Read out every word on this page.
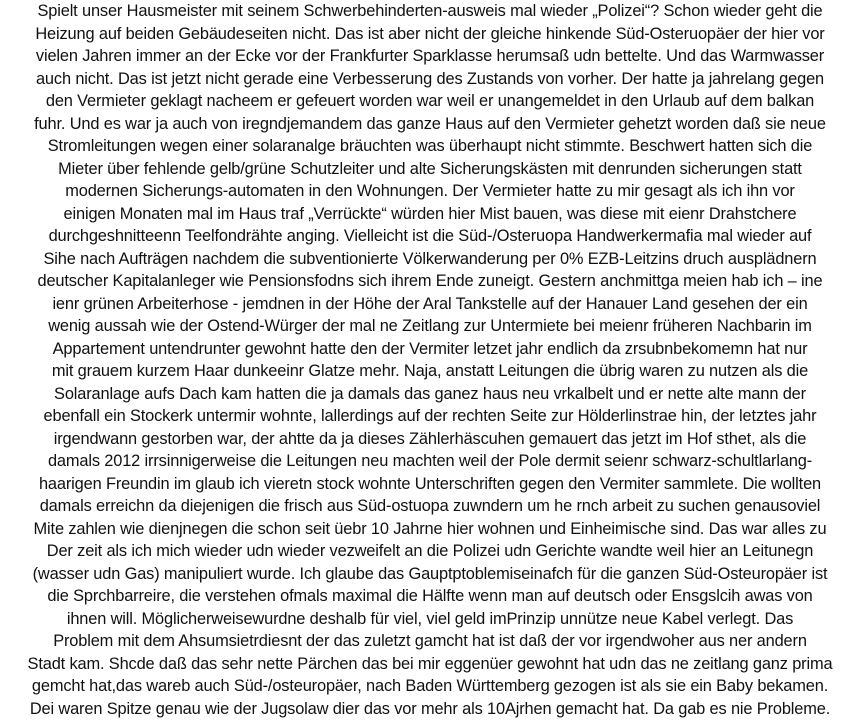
Spielt unser Hausmeister mit seinem Schwerbehinderten-ausweis mal wieder „Polizei“? Schon wieder geht die
Heizung auf beiden Gebäudeseiten nicht. Das ist aber nicht der gleiche hinkende Süd-Osteruopäer der hier vor
vielen Jahren immer an der Ecke vor der Frankfurter Sparklasse herumsaß udn bettelte. Und das Warmwasser
auch nicht. Das ist jetzt nicht gerade eine Verbesserung des Zustands von vorher. Der hatte ja jahrelang gegen
den Vermieter geklagt nacheem er gefeuert worden war weil er unangemeldet in den Urlaub auf dem balkan
fuhr. Und es war ja auch von iregndjemandem das ganze Haus auf den Vermieter gehetzt worden daß sie neue
Stromleitungen wegen einer solaranalge bräuchten was überhaupt nicht stimmte. Beschwert hatten sich die
Mieter über fehlende gelb/grüne Schutzleiter und alte Sicherungskästen mit denrunden sicherungen statt
modernen Sicherungs-automaten in den Wohnungen. Der Vermieter hatte zu mir gesagt als ich ihn vor
einigen Monaten mal im Haus traf „Verrückte“ würden hier Mist bauen, was diese mit eienr Drahstchere
durchgeshnitteenn Teelfondrähte anging. Vielleicht ist die Süd-/Osteruopa Handwerkermafia mal wieder auf
Sihe nach Aufträgen nachdem die subventionierte Völkerwanderung per 0% EZB-Leitzins druch ausplädnern
deutscher Kapitalanleger wie Pensionsfodns sich ihrem Ende zuneigt. Gestern anchmittga meien hab ich – ine
ienr grünen Arbeiterhose - jemdnen in der Höhe der Aral Tankstelle auf der Hanauer Land gesehen der ein
wenig aussah wie der Ostend-Würger der mal ne Zeitlang zur Untermiete bei meienr früheren Nachbarin im
Appartement untendrunter gewohnt hatte den der Vermiter letzet jahr endlich da zrsubnbekomemn hat nur
mit grauem kurzem Haar dunkeeinr Glatze mehr. Naja, anstatt Leitungen die übrig waren zu nutzen als die
Solaranlage aufs Dach kam hatten die ja damals das ganez haus neu vrkalbelt und er nette alte mann der
ebenfall ein Stockerk untermir wohnte, lallerdings auf der rechten Seite zur Hölderlinstrae hin, der letztes jahr
irgendwann gestorben war, der ahtte da ja dieses Zählerhäscuhen gemauert das jetzt im Hof sthet, als die
damals 2012 irrsinnigerweise die Leitungen neu machten weil der Pole dermit seienr schwarz-schultlarlang-
haarigen Freundin im glaub ich vieretn stock wohnte Unterschriften gegen den Vermiter sammlete. Die wollten
damals erreichn da diejenigen die frisch aus Süd-ostuopa zuwndern um he rnch arbeit zu suchen genausoviel
Mite zahlen wie dienjnegen die schon seit üebr 10 Jahrne hier wohnen und Einheimische sind. Das war alles zu
Der zeit als ich mich wieder udn wieder vezweifelt an die Polizei udn Gerichte wandte weil hier an Leitunegn
(wasser udn Gas) manipuliert wurde. Ich glaube das Gauptptoblemiseinafch für die ganzen Süd-Osteuropäer ist
die Sprchbarreire, die verstehen ofmals maximal die Hälfte wenn man auf deutsch oder Ensgslcih awas von
ihnen will. Möglicherweisewurdne deshalb für viel, viel geld imPrinzip unnütze neue Kabel verlegt. Das
Problem mit dem Ahsumsietrdiesnt der das zuletzt gamcht hat ist daß der vor irgendwoher aus ner andern
Stadt kam. Shcde daß das sehr nette Pärchen das bei mir eggenüer gewohnt hat udn das ne zeitlang ganz prima
gemcht hat,das wareb auch Süd-/osteuropäer, nach Baden Württemberg gezogen ist als sie ein Baby bekamen.
Dei waren Spitze genau wie der Jugsolaw dier das vor mehr als 10Ajrhen gemacht hat. Da gab es nie Probleme.
